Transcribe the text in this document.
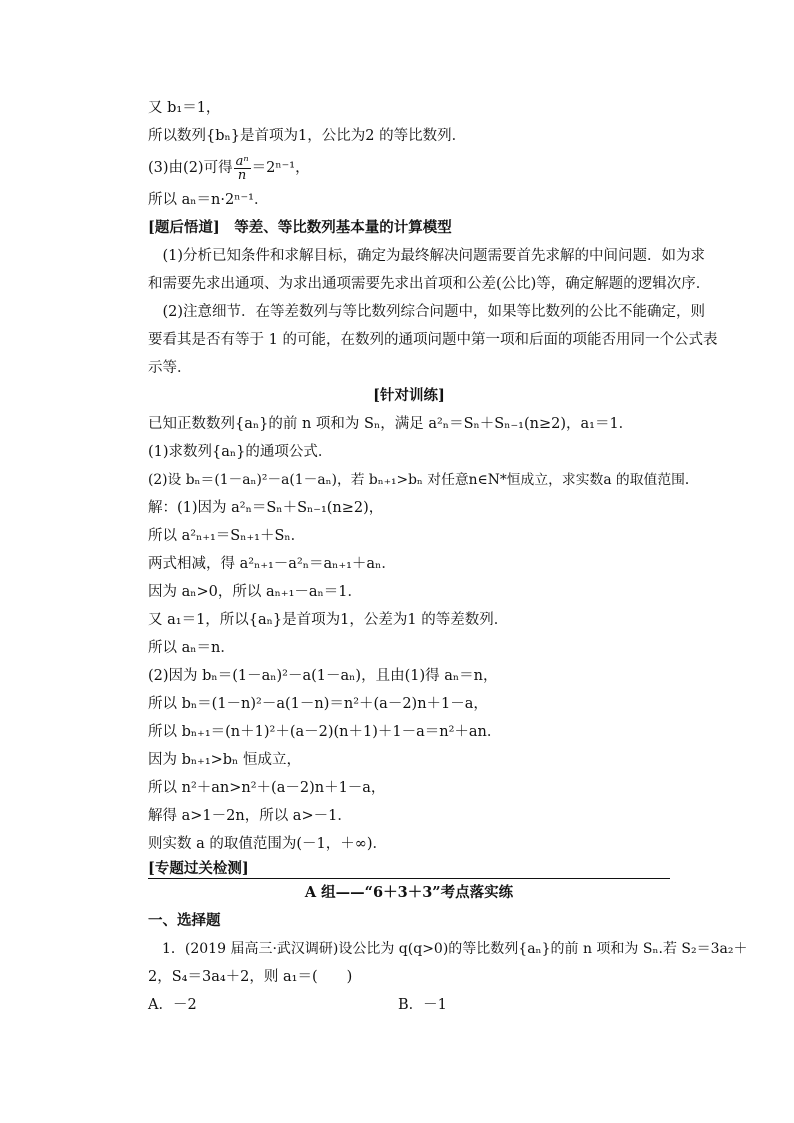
又 b₁＝1，
所以数列{bₙ}是首项为1，公比为2 的等比数列．
(3)由(2)可得 $\frac{\text{aⁿ}}{n} =2^{n-1}$，
所以 aₙ＝n·2ⁿ⁻¹．
[题后悟道]　等差、等比数列基本量的计算模型
　(1)分析已知条件和求解目标，确定为最终解决问题需要首先求解的中间问题．如为求
和需要先求出通项、为求出通项需要先求出首项和公差(公比)等，确定解题的逻辑次序．
　(2)注意细节．在等差数列与等比数列综合问题中，如果等比数列的公比不能确定，则
要看其是否有等于 1 的可能，在数列的通项问题中第一项和后面的项能否用同一个公式表
示等．
[针对训练]
已知正数数列{aₙ}的前 n 项和为 Sₙ，满足 a²ₙ＝Sₙ＋Sₙ₋₁(n≥2)，a₁＝1．
(1)求数列{aₙ}的通项公式．
(2)设 bₙ＝(1－aₙ)²－a(1－aₙ)，若 bₙ₊₁>bₙ 对任意n∈N*恒成立，求实数a 的取值范围．
解：(1)因为 a²ₙ＝Sₙ＋Sₙ₋₁(n≥2)，
所以 a²ₙ₊₁＝Sₙ₊₁＋Sₙ．
两式相减，得 a²ₙ₊₁－a²ₙ＝aₙ₊₁＋aₙ．
因为 aₙ>0，所以 aₙ₊₁－aₙ＝1．
又 a₁＝1，所以{aₙ}是首项为1，公差为1 的等差数列．
所以 aₙ＝n．
(2)因为 bₙ＝(1－aₙ)²－a(1－aₙ)，且由(1)得 aₙ＝n，
所以 bₙ＝(1－n)²－a(1－n)＝n²＋(a－2)n＋1－a，
所以 bₙ₊₁＝(n＋1)²＋(a－2)(n＋1)＋1－a＝n²＋an．
因为 bₙ₊₁>bₙ 恒成立，
所以 n²＋an>n²＋(a－2)n＋1－a，
解得 a>1－2n，所以 a>－1．
则实数 a 的取值范围为(－1，＋∞)．
[专题过关检测]
A 组——“6＋3＋3”考点落实练
一、选择题
　1．(2019 届高三·武汉调研)设公比为 q(q>0)的等比数列{aₙ}的前 n 项和为 Sₙ.若 S₂＝3a₂＋
2，S₄＝3a₄＋2，则 a₁＝(　　)
A．－2	B．－1
